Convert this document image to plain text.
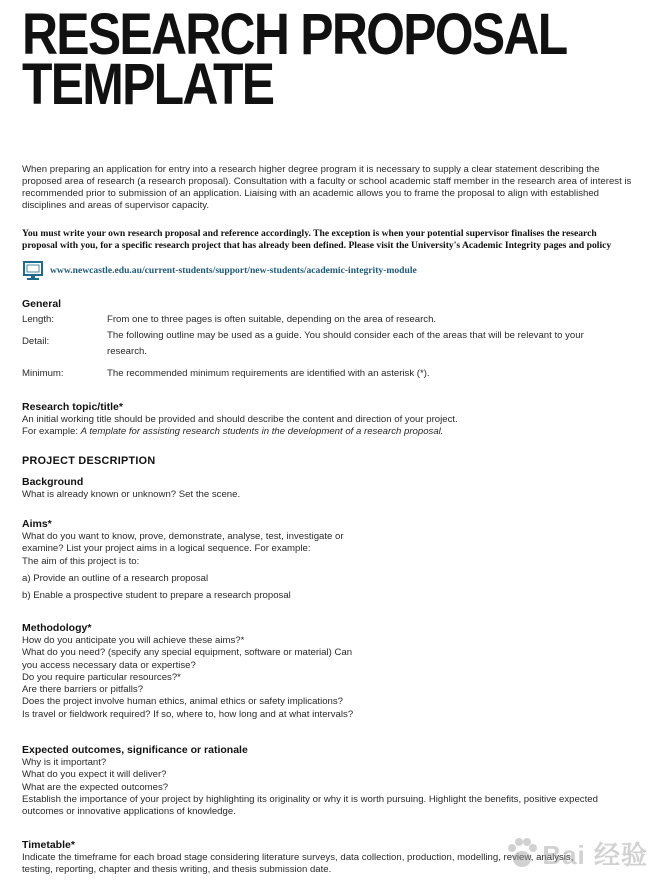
RESEARCH PROPOSAL
TEMPLATE
When preparing an application for entry into a research higher degree program it is necessary to supply a clear statement describing the proposed area of research (a research proposal). Consultation with a faculty or school academic staff member in the research area of interest is recommended prior to submission of an application. Liaising with an academic allows you to frame the proposal to align with established disciplines and areas of supervisor capacity.
You must write your own research proposal and reference accordingly. The exception is when your potential supervisor finalises the research proposal with you, for a specific research project that has already been defined. Please visit the University's Academic Integrity pages and policy
www.newcastle.edu.au/current-students/support/new-students/academic-integrity-module
General
Length:	From one to three pages is often suitable, depending on the area of research.
Detail:
The following outline may be used as a guide. You should consider each of the areas that will be relevant to your research.
Minimum:	The recommended minimum requirements are identified with an asterisk (*).
Research topic/title*
An initial working title should be provided and should describe the content and direction of your project.
For example: A template for assisting research students in the development of a research proposal.
PROJECT DESCRIPTION
Background
What is already known or unknown? Set the scene.
Aims*
What do you want to know, prove, demonstrate, analyse, test, investigate or
examine? List your project aims in a logical sequence. For example:
The aim of this project is to:
a) Provide an outline of a research proposal
b) Enable a prospective student to prepare a research proposal
Methodology*
How do you anticipate you will achieve these aims?*
What do you need? (specify any special equipment, software or material) Can
you access necessary data or expertise?
Do you require particular resources?*
Are there barriers or pitfalls?
Does the project involve human ethics, animal ethics or safety implications?
Is travel or fieldwork required? If so, where to, how long and at what intervals?
Expected outcomes, significance or rationale
Why is it important?
What do you expect it will deliver?
What are the expected outcomes?
Establish the importance of your project by highlighting its originality or why it is worth pursuing. Highlight the benefits, positive expected
outcomes or innovative applications of knowledge.
Timetable*
Indicate the timeframe for each broad stage considering literature surveys, data collection, production, modelling, review, analysis,
testing, reporting, chapter and thesis writing, and thesis submission date.
Bai 经验
